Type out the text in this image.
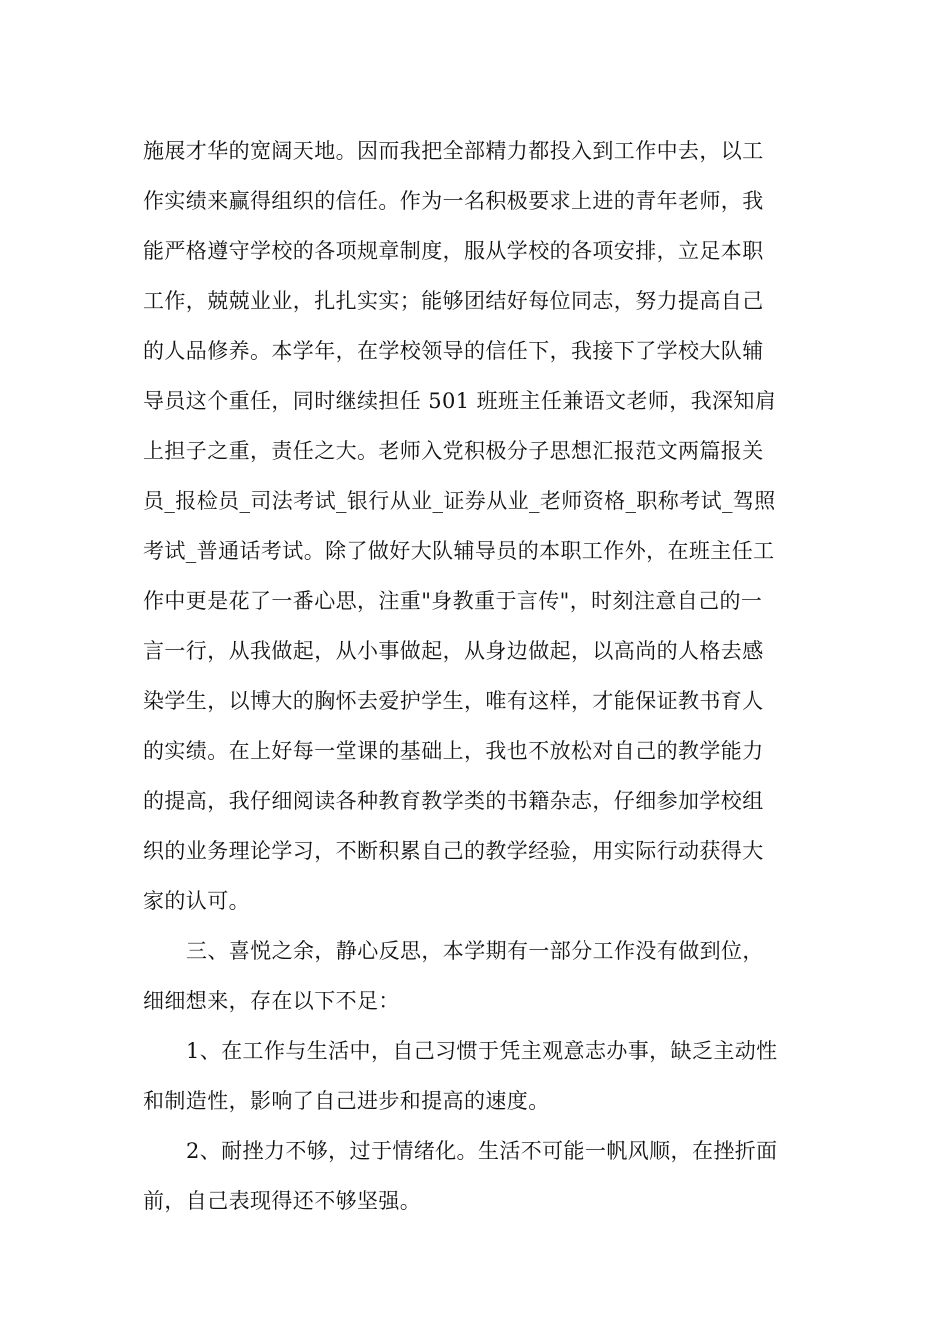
施展才华的宽阔天地。因而我把全部精力都投入到工作中去，以工
作实绩来赢得组织的信任。作为一名积极要求上进的青年老师，我
能严格遵守学校的各项规章制度，服从学校的各项安排，立足本职
工作，兢兢业业，扎扎实实；能够团结好每位同志，努力提高自己
的人品修养。本学年，在学校领导的信任下，我接下了学校大队辅
导员这个重任，同时继续担任 501 班班主任兼语文老师，我深知肩
上担子之重，责任之大。老师入党积极分子思想汇报范文两篇报关
员_报检员_司法考试_银行从业_证券从业_老师资格_职称考试_驾照
考试_普通话考试。除了做好大队辅导员的本职工作外，在班主任工
作中更是花了一番心思，注重"身教重于言传"，时刻注意自己的一
言一行，从我做起，从小事做起，从身边做起，以高尚的人格去感
染学生，以博大的胸怀去爱护学生，唯有这样，才能保证教书育人
的实绩。在上好每一堂课的基础上，我也不放松对自己的教学能力
的提高，我仔细阅读各种教育教学类的书籍杂志，仔细参加学校组
织的业务理论学习，不断积累自己的教学经验，用实际行动获得大
家的认可。
三、喜悦之余，静心反思，本学期有一部分工作没有做到位，
细细想来，存在以下不足：
1、在工作与生活中，自己习惯于凭主观意志办事，缺乏主动性
和制造性，影响了自己进步和提高的速度。
2、耐挫力不够，过于情绪化。生活不可能一帆风顺，在挫折面
前，自己表现得还不够坚强。
